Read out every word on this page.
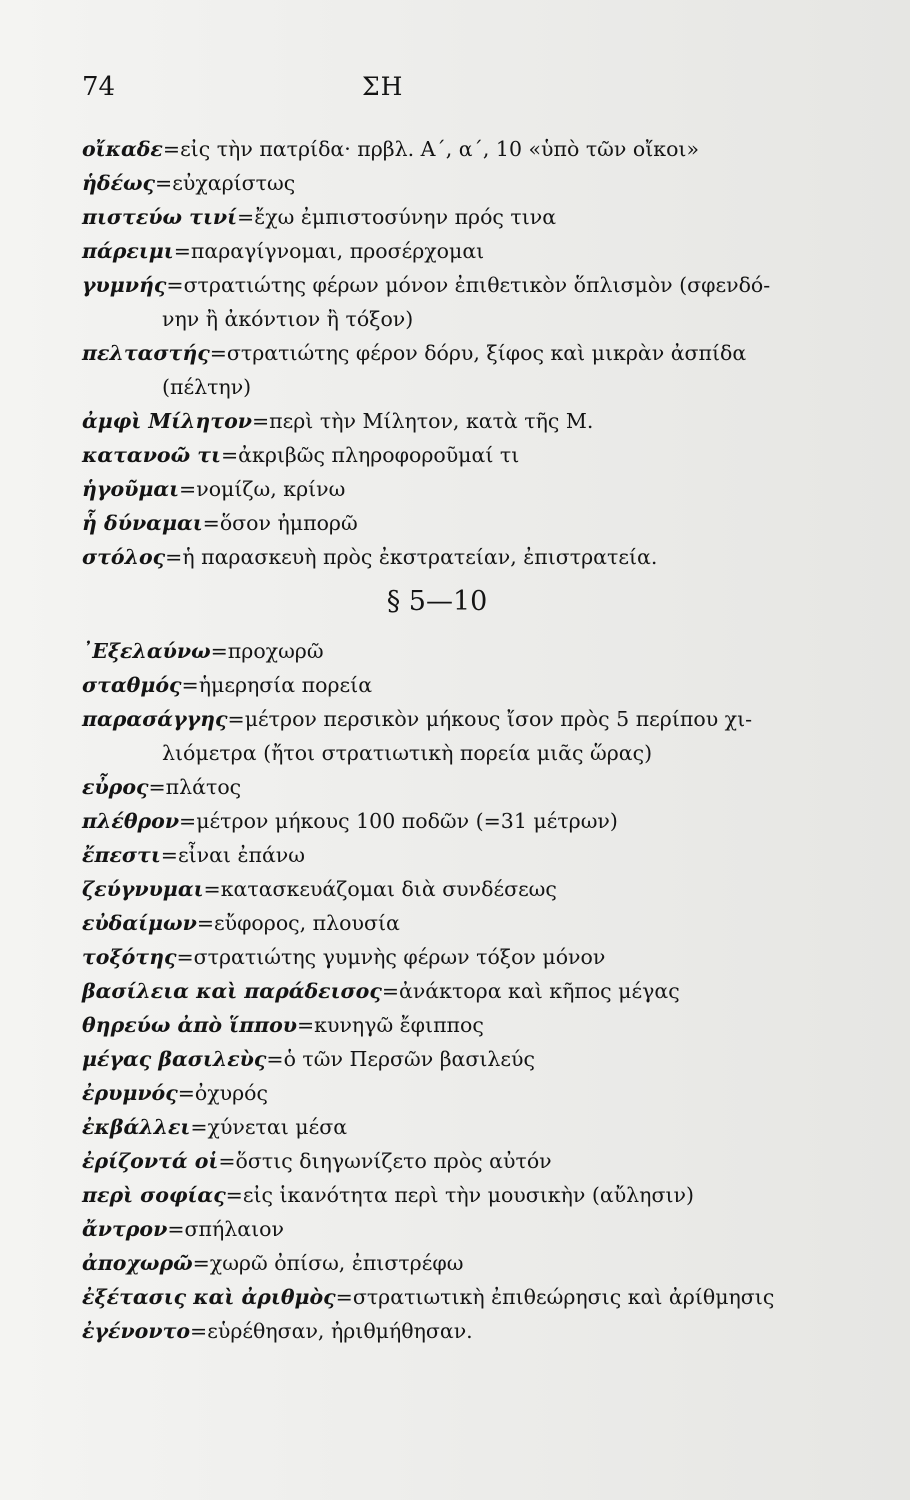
74	ΣΗ
οἴκαδε=εἰς τὴν πατρίδα· πρβλ. Α΄, α΄, 10 «ὑπὸ τῶν οἴκοι»
ἡδέως=εὐχαρίστως
πιστεύω τινί=ἔχω ἐμπιστοσύνην πρός τινα
πάρειμι=παραγίγνομαι, προσέρχομαι
γυμνής=στρατιώτης φέρων μόνον ἐπιθετικὸν ὅπλισμὸν (σφενδό-
νην ἢ ἀκόντιον ἢ τόξον)
πελταστής=στρατιώτης φέρον δόρυ, ξίφος καὶ μικρὰν ἀσπίδα
(πέλτην)
ἀμφὶ Μίλητον=περὶ τὴν Μίλητον, κατὰ τῆς Μ.
κατανοῶ τι=ἀκριβῶς πληροφοροῦμαί τι
ἡγοῦμαι=νομίζω, κρίνω
ἧ δύναμαι=ὅσον ἠμπορῶ
στόλος=ἡ παρασκευὴ πρὸς ἐκστρατείαν, ἐπιστρατεία.
§ 5—10
᾿Εξελαύνω=προχωρῶ
σταθμός=ἡμερησία πορεία
παρασάγγης=μέτρον περσικὸν μήκους ἴσον πρὸς 5 περίπου χι-
λιόμετρα (ἤτοι στρατιωτικὴ πορεία μιᾶς ὥρας)
εὖρος=πλάτος
πλέθρον=μέτρον μήκους 100 ποδῶν (=31 μέτρων)
ἔπεστι=εἶναι ἐπάνω
ζεύγνυμαι=κατασκευάζομαι διὰ συνδέσεως
εὐδαίμων=εὔφορος, πλουσία
τοξότης=στρατιώτης γυμνὴς φέρων τόξον μόνον
βασίλεια καὶ παράδεισος=ἀνάκτορα καὶ κῆπος μέγας
θηρεύω ἀπὸ ἵππου=κυνηγῶ ἔφιππος
μέγας βασιλεὺς=ὁ τῶν Περσῶν βασιλεύς
ἐρυμνός=ὀχυρός
ἐκβάλλει=χύνεται μέσα
ἐρίζοντά οἱ=ὅστις διηγωνίζετο πρὸς αὐτόν
περὶ σοφίας=εἰς ἱκανότητα περὶ τὴν μουσικὴν (αὔλησιν)
ἄντρον=σπήλαιον
ἀποχωρῶ=χωρῶ ὀπίσω, ἐπιστρέφω
ἐξέτασις καὶ ἀριθμὸς=στρατιωτικὴ ἐπιθεώρησις καὶ ἀρίθμησις
ἐγένοντο=εὑρέθησαν, ἠριθμήθησαν.
